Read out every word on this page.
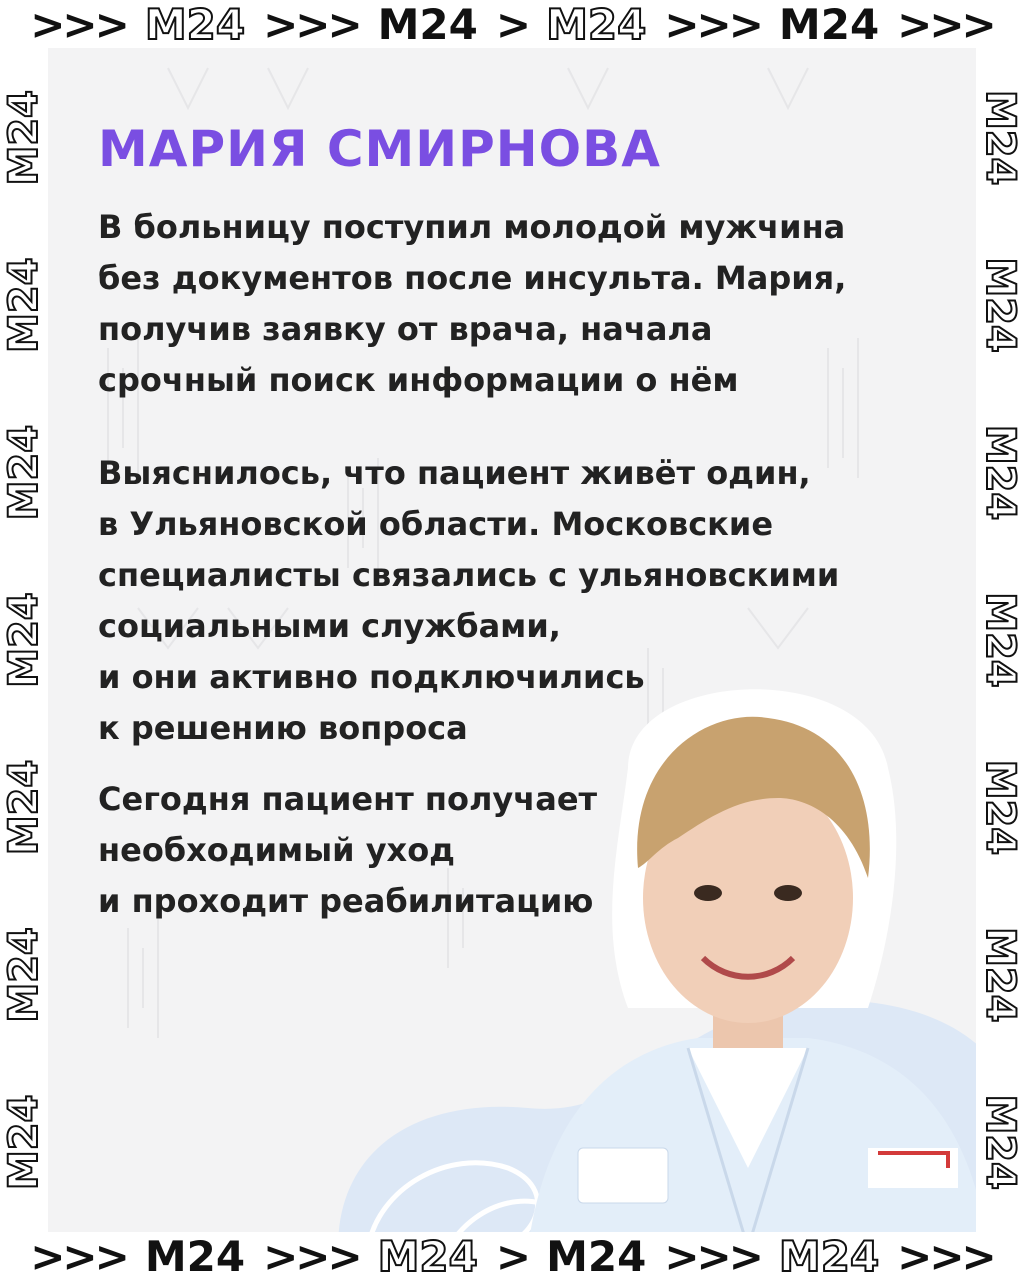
>>> M24 >>> M24 > M24 >>> M24 >>>
M24
M24
M24
M24
M24
M24
M24	M24
M24
M24
M24
M24
M24
M24
МАРИЯ СМИРНОВА

В больницу поступил молодой мужчина
без документов после инсульта. Мария,
получив заявку от врача, начала
срочный поиск информации о нём

Выяснилось, что пациент живёт один,
в Ульяновской области. Московские
специалисты связались с ульяновскими
социальными службами,
и они активно подключились
к решению вопроса

Сегодня пациент получает
необходимый уход
и проходит реабилитацию

>>> M24 >>> M24 > M24 >>> M24 >>>
